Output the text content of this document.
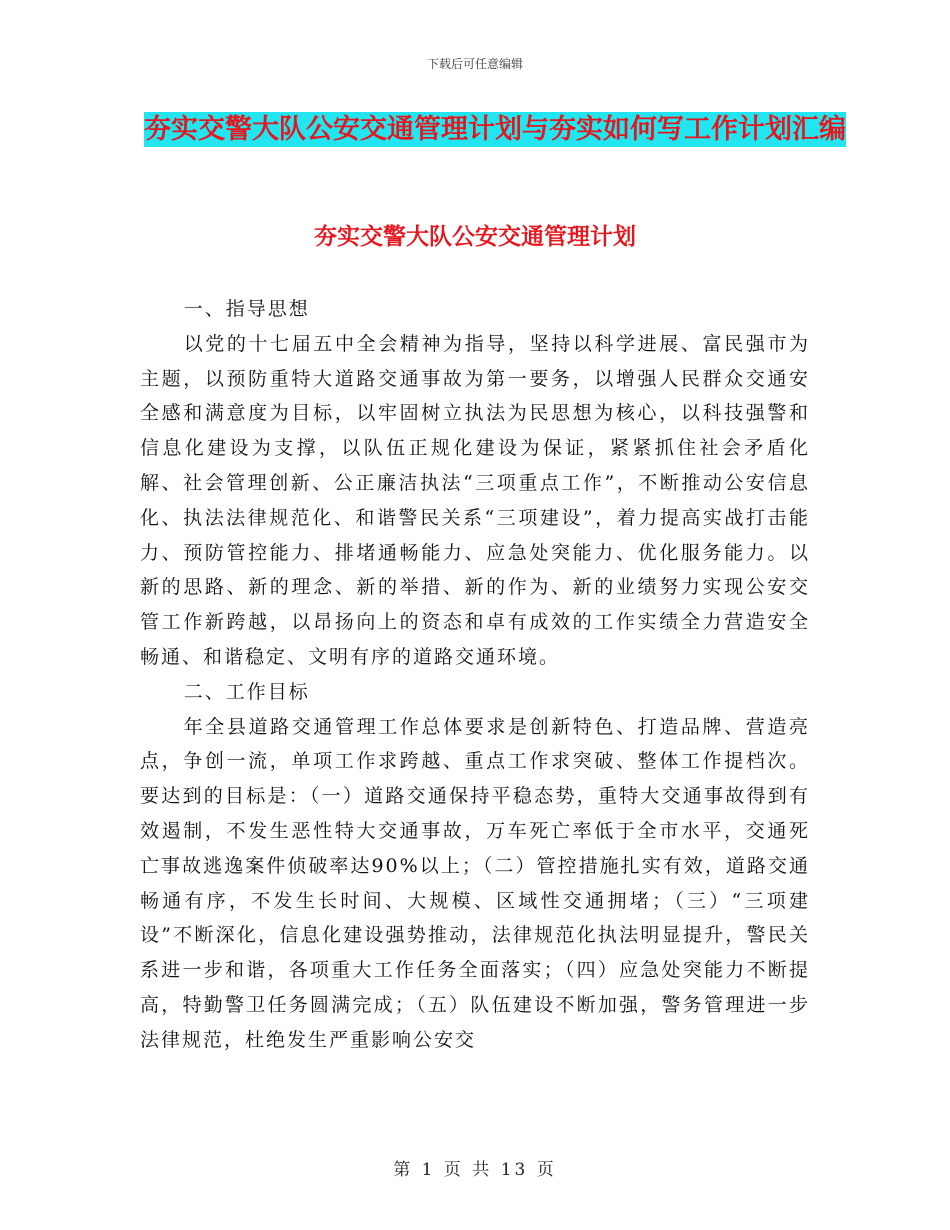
下载后可任意编辑
夯实交警大队公安交通管理计划与夯实如何写工作计划汇编
夯实交警大队公安交通管理计划

一、指导思想

以党的十七届五中全会精神为指导，坚持以科学进展、富民强市为主题，以预防重特大道路交通事故为第一要务，以增强人民群众交通安全感和满意度为目标，以牢固树立执法为民思想为核心，以科技强警和信息化建设为支撑，以队伍正规化建设为保证，紧紧抓住社会矛盾化解、社会管理创新、公正廉洁执法“三项重点工作”，不断推动公安信息化、执法法律规范化、和谐警民关系“三项建设”，着力提高实战打击能力、预防管控能力、排堵通畅能力、应急处突能力、优化服务能力。以新的思路、新的理念、新的举措、新的作为、新的业绩努力实现公安交管工作新跨越，以昂扬向上的资态和卓有成效的工作实绩全力营造安全畅通、和谐稳定、文明有序的道路交通环境。

二、工作目标

年全县道路交通管理工作总体要求是创新特色、打造品牌、营造亮点，争创一流，单项工作求跨越、重点工作求突破、整体工作提档次。要达到的目标是：（一）道路交通保持平稳态势，重特大交通事故得到有效遏制，不发生恶性特大交通事故，万车死亡率低于全市水平，交通死亡事故逃逸案件侦破率达90%以上；（二）管控措施扎实有效，道路交通畅通有序，不发生长时间、大规模、区域性交通拥堵；（三）“三项建设”不断深化，信息化建设强势推动，法律规范化执法明显提升，警民关系进一步和谐，各项重大工作任务全面落实；（四）应急处突能力不断提高，特勤警卫任务圆满完成；（五）队伍建设不断加强，警务管理进一步法律规范，杜绝发生严重影响公安交

第 1 页 共 13 页
